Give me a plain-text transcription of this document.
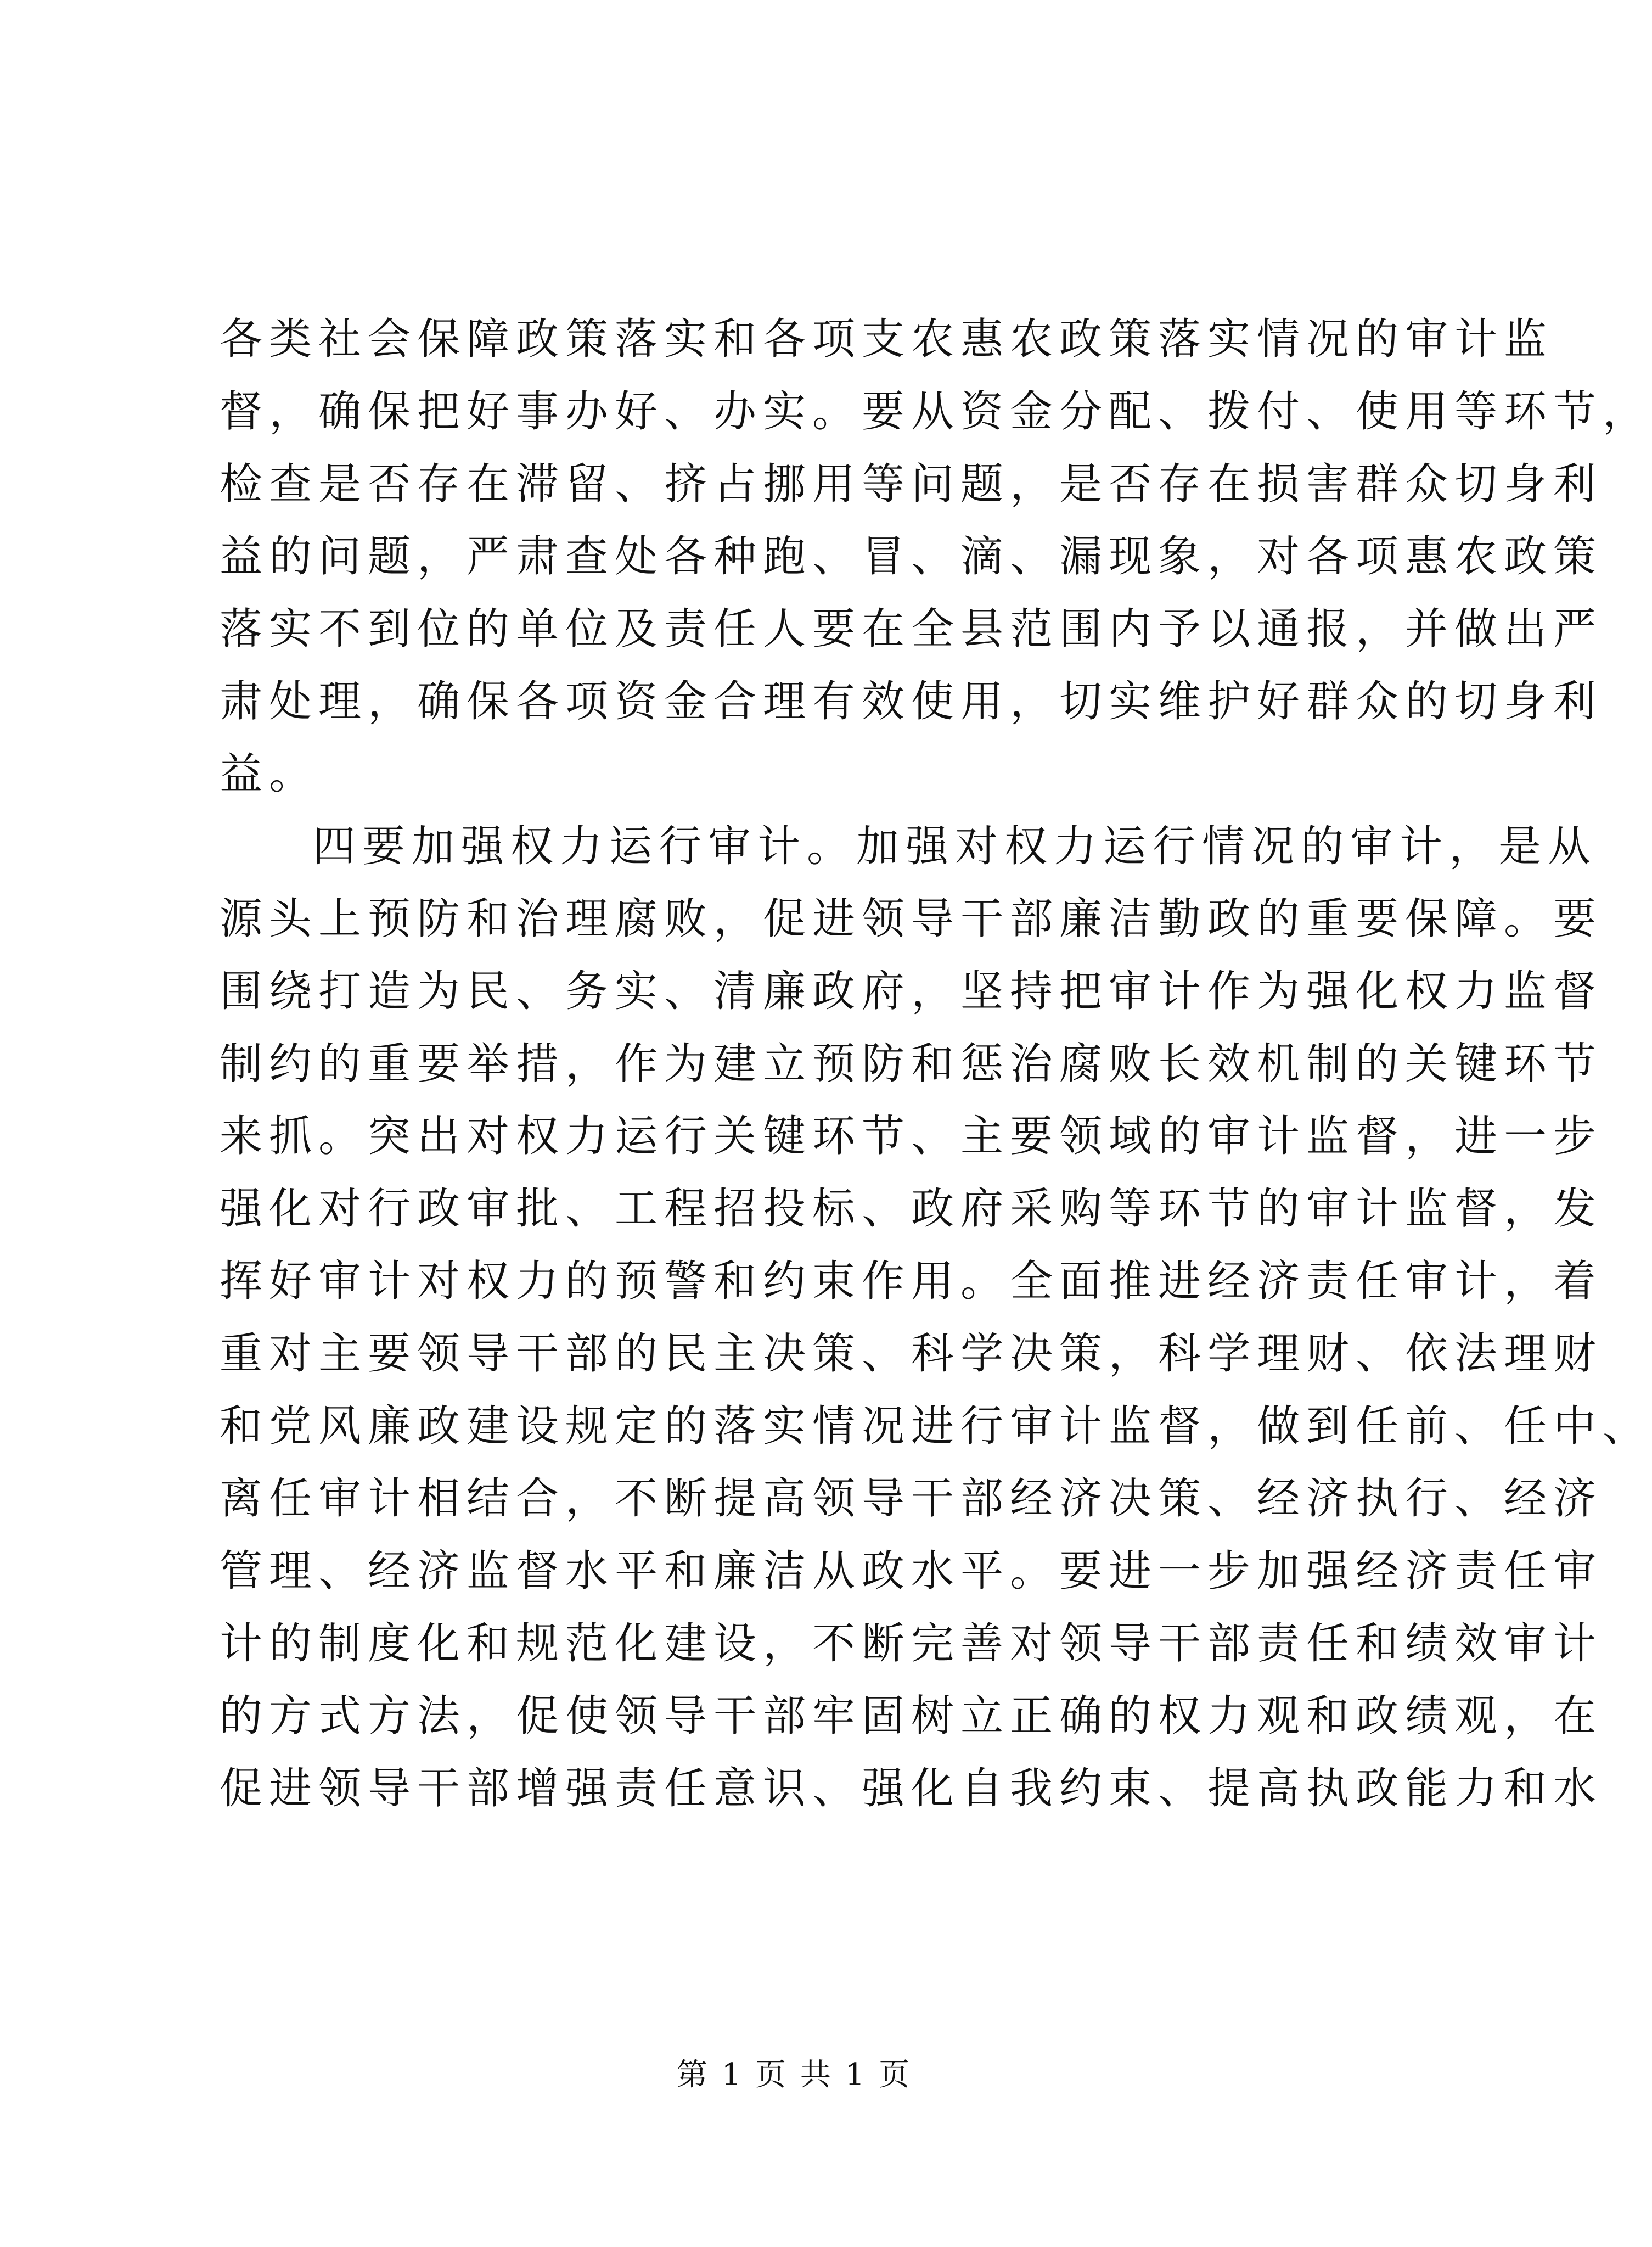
各类社会保障政策落实和各项支农惠农政策落实情况的审计监
督，确保把好事办好、办实。要从资金分配、拨付、使用等环节，
检查是否存在滞留、挤占挪用等问题，是否存在损害群众切身利
益的问题，严肃查处各种跑、冒、滴、漏现象，对各项惠农政策
落实不到位的单位及责任人要在全县范围内予以通报，并做出严
肃处理，确保各项资金合理有效使用，切实维护好群众的切身利
益。
四要加强权力运行审计。加强对权力运行情况的审计，是从
源头上预防和治理腐败，促进领导干部廉洁勤政的重要保障。要
围绕打造为民、务实、清廉政府，坚持把审计作为强化权力监督
制约的重要举措，作为建立预防和惩治腐败长效机制的关键环节
来抓。突出对权力运行关键环节、主要领域的审计监督，进一步
强化对行政审批、工程招投标、政府采购等环节的审计监督，发
挥好审计对权力的预警和约束作用。全面推进经济责任审计，着
重对主要领导干部的民主决策、科学决策，科学理财、依法理财
和党风廉政建设规定的落实情况进行审计监督，做到任前、任中、
离任审计相结合，不断提高领导干部经济决策、经济执行、经济
管理、经济监督水平和廉洁从政水平。要进一步加强经济责任审
计的制度化和规范化建设，不断完善对领导干部责任和绩效审计
的方式方法，促使领导干部牢固树立正确的权力观和政绩观，在
促进领导干部增强责任意识、强化自我约束、提高执政能力和水
第 1 页 共 1 页
